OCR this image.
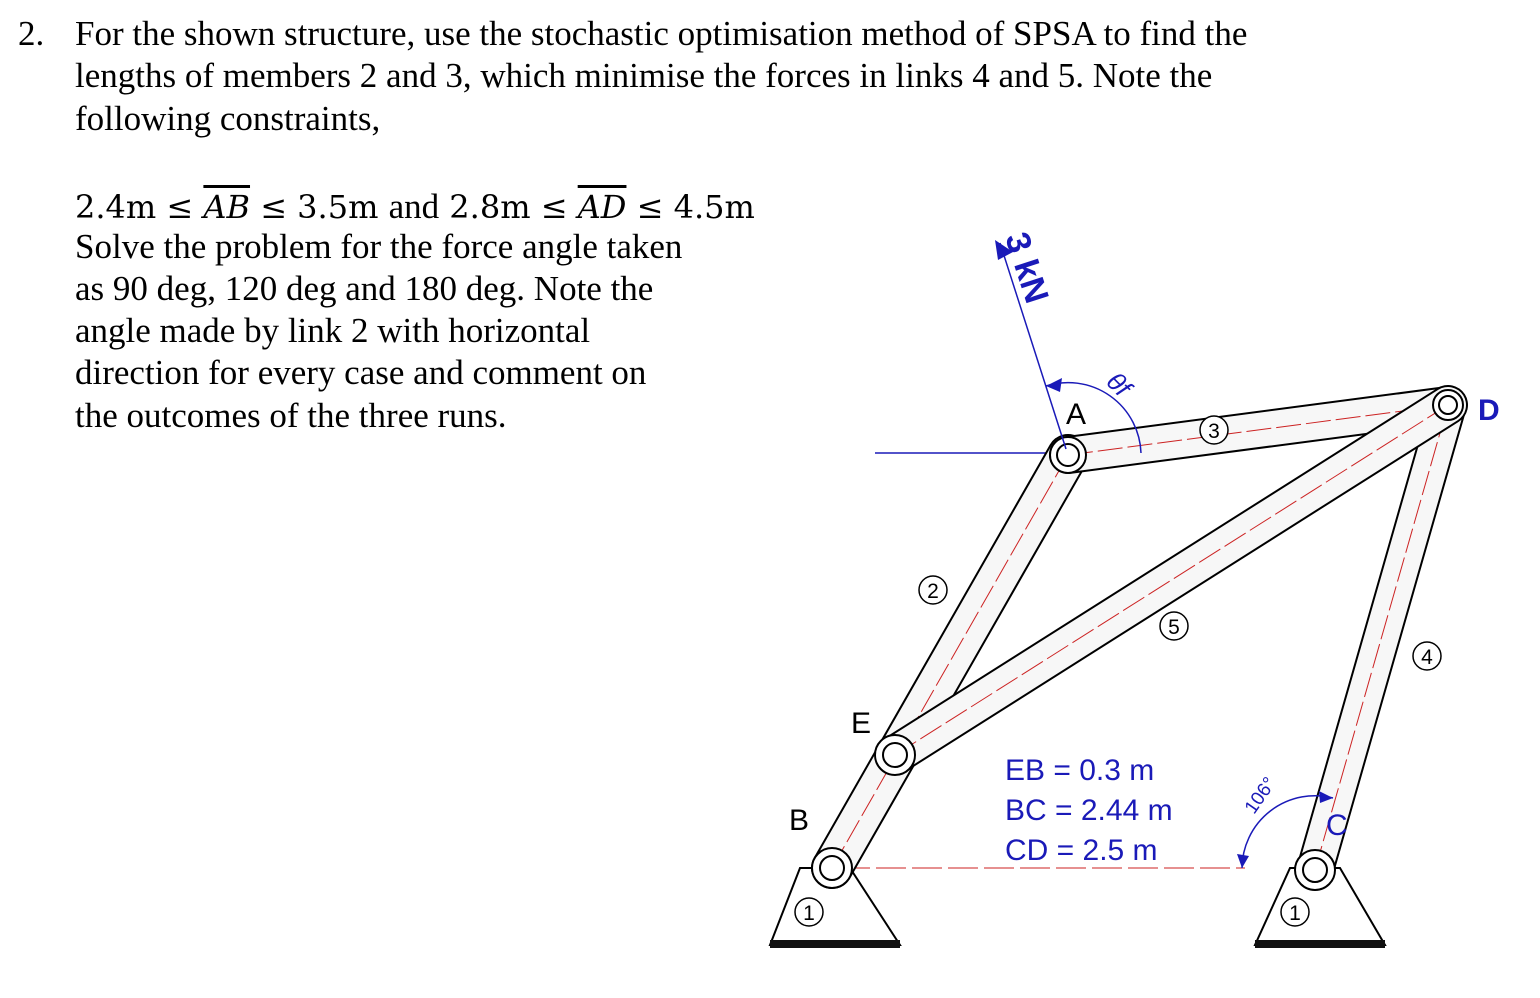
2. For the shown structure, use the stochastic optimisation method of SPSA to find the
lengths of members 2 and 3, which minimise the forces in links 4 and 5. Note the
following constraints,
$2.4m \le \overline{AB} \le 3.5m$ and $2.8m \le \overline{AD} \le 4.5m$
Solve the problem for the force angle taken
as 90 deg, 120 deg and 180 deg. Note the
angle made by link 2 with horizontal
direction for every case and comment on
the outcomes of the three runs.
3 kN
θf
106°
A	D
E
B	C
2
3
5
4
1	1
EB = 0.3 m
BC = 2.44 m
CD = 2.5 m
